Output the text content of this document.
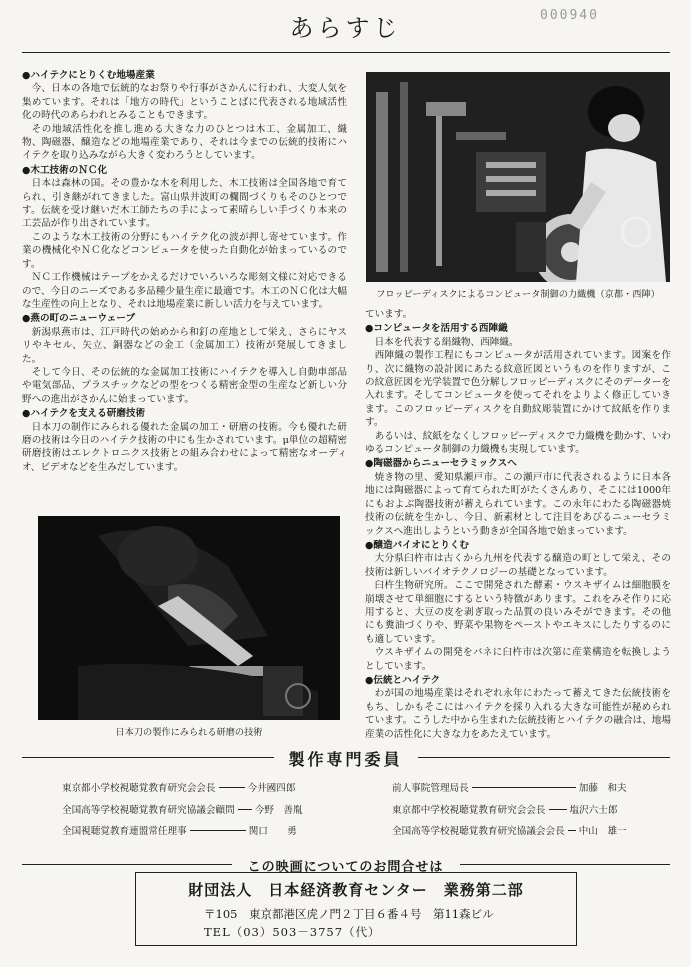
000940
あらすじ
●ハイテクにとりくむ地場産業

今、日本の各地で伝統的なお祭りや行事がさかんに行われ、大変人気を集めています。それは「地方の時代」ということばに代表される地域活性化の時代のあらわれとみることもできます。

その地域活性化を推し進める大きな力のひとつは木工、金属加工、織物、陶磁器、醸造などの地場産業であり、それは今までの伝統的技術にハイテクを取り込みながら大きく変わろうとしています。

●木工技術のＮＣ化

日本は森林の国。その豊かな木を利用した、木工技術は全国各地で育てられ、引き継がれてきました。富山県井波町の欄間づくりもそのひとつです。伝統を受け継いだ木工師たちの手によって素晴らしい手づくり本来の工芸品が作り出されています。

このような木工技術の分野にもハイテク化の波が押し寄せています。作業の機械化やＮＣ化などコンピュータを使った自動化が始まっているのです。

ＮＣ工作機械はテープをかえるだけでいろいろな彫刻文様に対応できるので、今日のニーズである多品種少量生産に最適です。木工のＮＣ化は大幅な生産性の向上となり、それは地場産業に新しい活力を与えています。

●燕の町のニューウェーブ

新潟県燕市は、江戸時代の始めから和釘の産地として栄え、さらにヤスリやキセル、矢立、銅器などの金工（金属加工）技術が発展してきました。

そして今日、その伝統的な金属加工技術にハイテクを導入し自動車部品や電気部品、プラスチックなどの型をつくる精密金型の生産など新しい分野への進出がさかんに始まっています。

●ハイテクを支える研磨技術

日本刀の制作にみられる優れた金属の加工・研磨の技術。今も優れた研磨の技術は今日のハイテク技術の中にも生かされています。μ単位の超精密研磨技術はエレクトロニクス技術との組み合わせによって精密なオーディオ、ビデオなどを生みだしています。

フロッピーディスクによるコンピュータ制御の力織機（京都・西陣）

ています。

●コンピュータを活用する西陣織

日本を代表する絹織物、西陣織。

西陣織の製作工程にもコンピュータが活用されています。図案を作り、次に織物の設計図にあたる紋意匠図というものを作りますが、この紋意匠図を光学装置で色分解しフロッピーディスクにそのデーターを入れます。そしてコンピュータを使ってそれをよりよく修正していきます。このフロッピーディスクを自動紋彫装置にかけて紋紙を作ります。

あるいは、紋紙をなくしフロッピーディスクで力織機を動かす、いわゆるコンピュータ制御の力織機も実現しています。

●陶磁器からニューセラミックスへ

焼き物の里、愛知県瀬戸市。この瀬戸市に代表されるように日本各地には陶磁器によって育てられた町がたくさんあり、そこには1000年にもおよぶ陶器技術が蓄えられています。この永年にわたる陶磁器焼技術の伝統を生かし、今日、新素材として注目をあびるニューセラミックスへ進出しようという動きが全国各地で始まっています。

●醸造バイオにとりくむ

大分県臼杵市は古くから九州を代表する醸造の町として栄え、その技術は新しいバイオテクノロジーの基礎となっています。

臼杵生物研究所。ここで開発された酵素・ウスキザイムは細胞膜を崩壊させて単細胞にするという特徴があります。これをみそ作りに応用すると、大豆の皮を剥ぎ取った品質の良いみそができます。その他にも糞油づくりや、野菜や果物をペーストやエキスにしたりするのにも適しています。

ウスキザイムの開発をバネに臼杵市は次第に産業構造を転換しようとしています。

●伝統とハイテク

わが国の地場産業はそれぞれ永年にわたって蓄えてきた伝統技術をもち、しかもそこにはハイテクを採り入れる大きな可能性が秘められています。こうした中から生まれた伝統技術とハイテクの融合は、地場産業の活性化に大きな力をあたえています。

日本刀の製作にみられる研磨の技術
製作専門委員
東京都小学校視聴覚教育研究会会長	今井國四郎
全国高等学校視聴覚教育研究協議会顧問 今野　善胤
全国視聴覚教育連盟常任理事	関口　　勇
前人事院管理局長	加藤　和夫
東京都中学校視聴覚教育研究会会長	塩沢六士郎
全国高等学校視聴覚教育研究協議会会長 中山　雄一
この映画についてのお問合せは
財団法人　日本経済教育センター　業務第二部
〒105　東京都港区虎ノ門２丁目６番４号　第11森ビル
TEL（03）503－3757（代）
